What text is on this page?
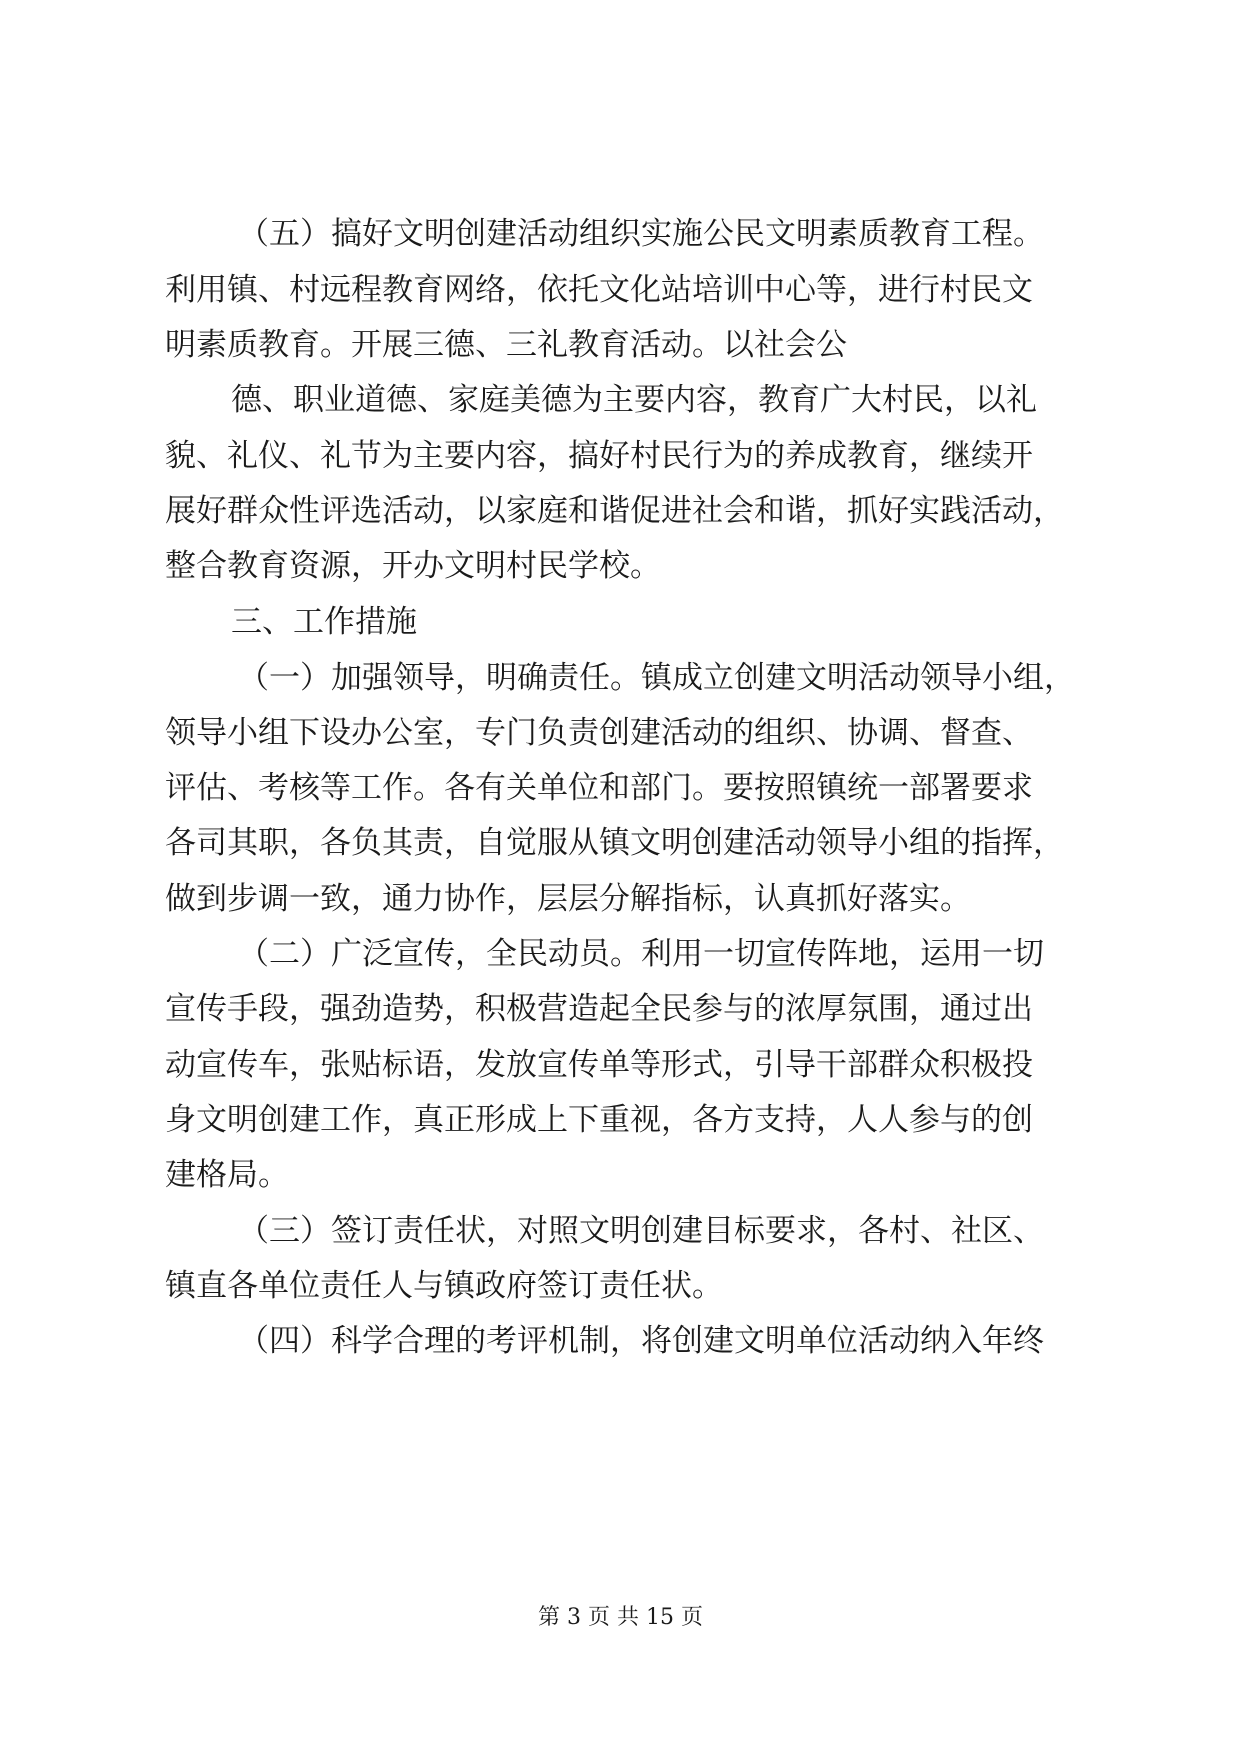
（五）搞好文明创建活动组织实施公民文明素质教育工程。
利用镇、村远程教育网络，依托文化站培训中心等，进行村民文
明素质教育。开展三德、三礼教育活动。以社会公
德、职业道德、家庭美德为主要内容，教育广大村民，以礼
貌、礼仪、礼节为主要内容，搞好村民行为的养成教育，继续开
展好群众性评选活动，以家庭和谐促进社会和谐，抓好实践活动，
整合教育资源，开办文明村民学校。
三、工作措施
（一）加强领导，明确责任。镇成立创建文明活动领导小组，
领导小组下设办公室，专门负责创建活动的组织、协调、督查、
评估、考核等工作。各有关单位和部门。要按照镇统一部署要求
各司其职，各负其责，自觉服从镇文明创建活动领导小组的指挥，
做到步调一致，通力协作，层层分解指标，认真抓好落实。
（二）广泛宣传，全民动员。利用一切宣传阵地，运用一切
宣传手段，强劲造势，积极营造起全民参与的浓厚氛围，通过出
动宣传车，张贴标语，发放宣传单等形式，引导干部群众积极投
身文明创建工作，真正形成上下重视，各方支持，人人参与的创
建格局。
（三）签订责任状，对照文明创建目标要求，各村、社区、
镇直各单位责任人与镇政府签订责任状。
（四）科学合理的考评机制，将创建文明单位活动纳入年终
第 3 页 共 15 页
